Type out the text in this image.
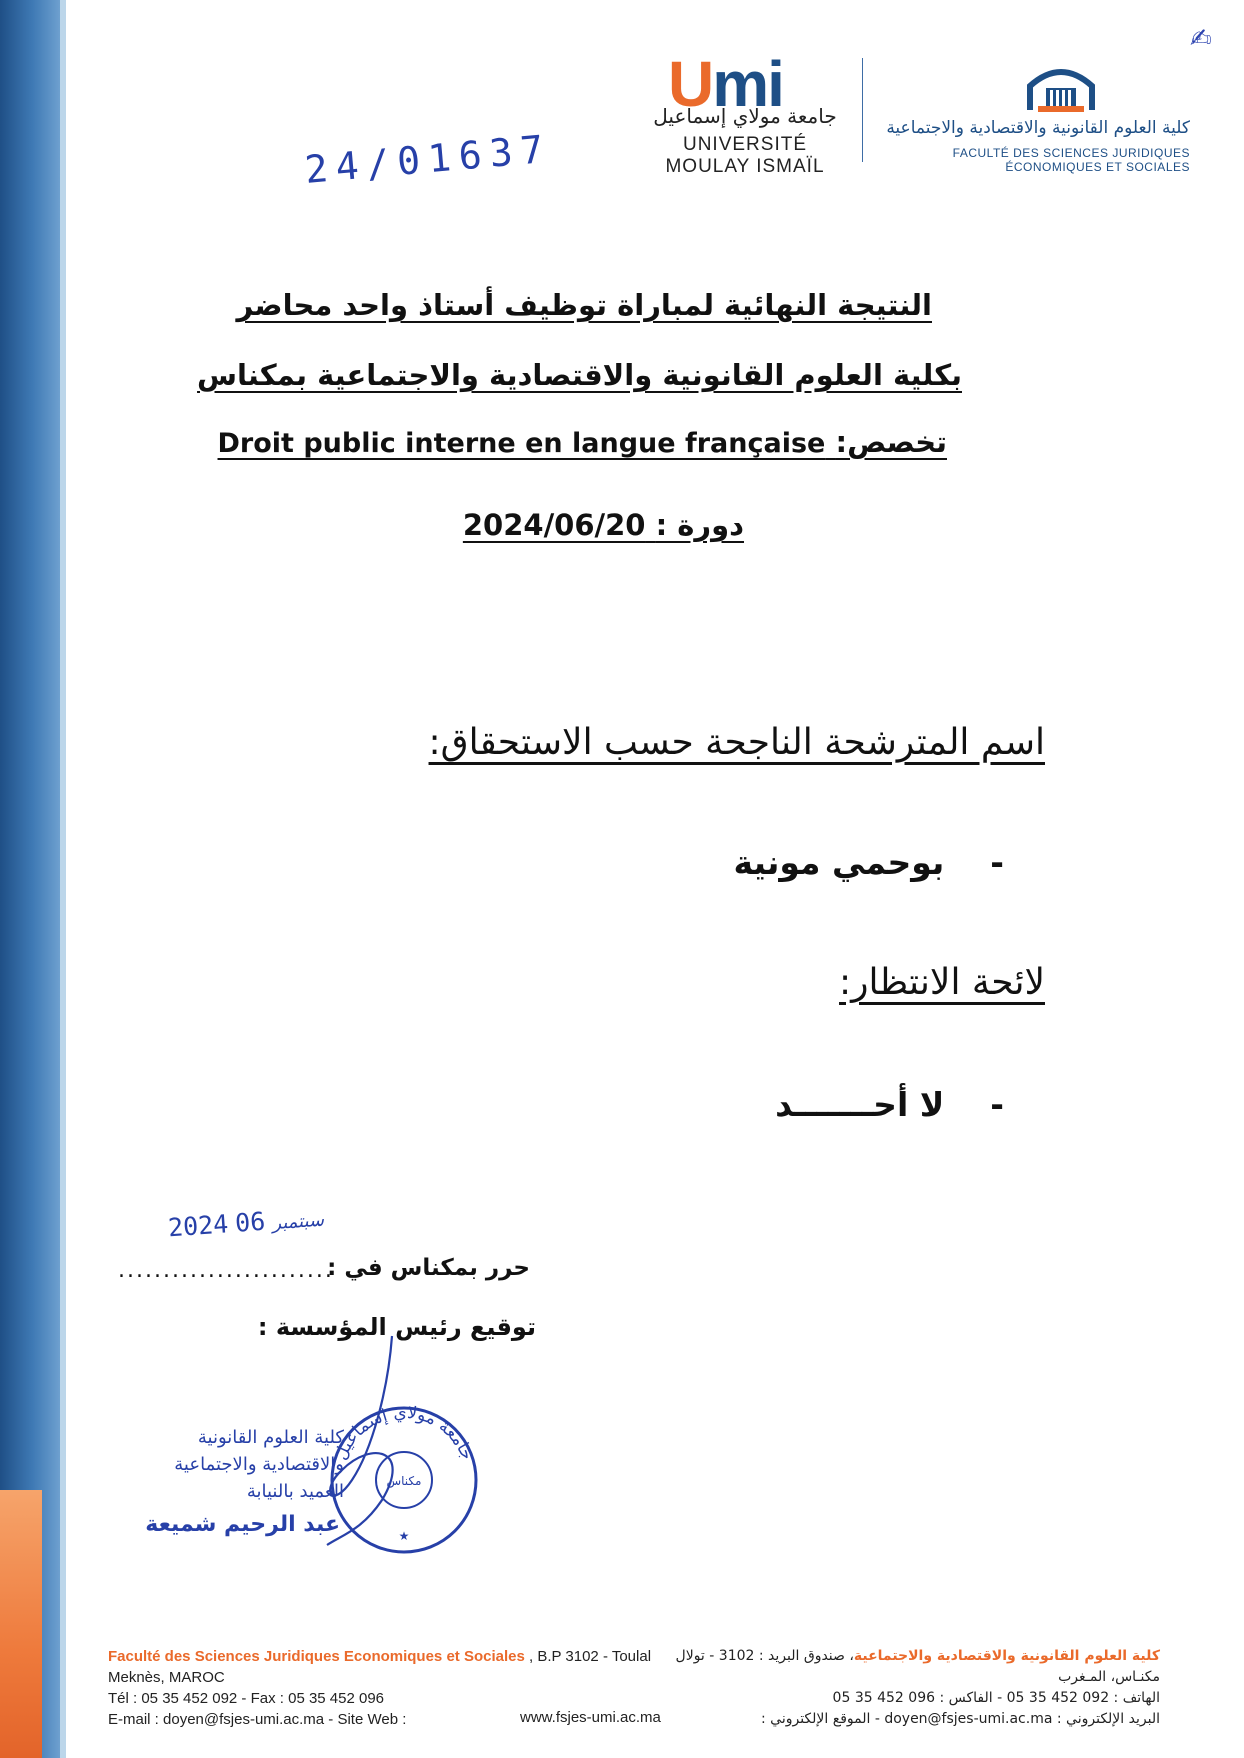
✍
Umi
جامعة مولاي إسماعيل
UNIVERSITÉ MOULAY ISMAÏL
كلية العلوم القانونية والاقتصادية والاجتماعية
FACULTÉ DES SCIENCES JURIDIQUES ÉCONOMIQUES ET SOCIALES
24/01637
النتيجة النهائية لمباراة توظيف أستاذ واحد محاضر
بكلية العلوم القانونية والاقتصادية والاجتماعية بمكناس
تخصص: Droit public interne en langue française
دورة : 2024/06/20
اسم المترشحة الناجحة حسب الاستحقاق:
-    بوحمي مونية
لائحة الانتظار:
-    لا أحـــــــد
2024 سبتمبر 06
حرر بمكناس في :
........................
توقيع رئيس المؤسسة :
كلية العلوم القانونية
والاقتصادية والاجتماعية
العميد بالنيابة
عبد الرحيم شميعة
جامعة مولاي إسماعيل
مكناس
★
Faculté des Sciences Juridiques Economiques et Sociales , B.P 3102 - Toulal
Meknès, MAROC
Tél : 05 35 452 092 - Fax : 05 35 452 096
E-mail : doyen@fsjes-umi.ac.ma - Site Web :	www.fsjes-umi.ac.ma
كلية العلوم القانونية والاقتصادية والاجتماعية، صندوق البريد : 3102 - تولال
مكنـاس، المـغرب
الهاتف : 092 452 35 05 - الفاكس : 096 452 35 05
البريد الإلكتروني : doyen@fsjes-umi.ac.ma - الموقع الإلكتروني :
